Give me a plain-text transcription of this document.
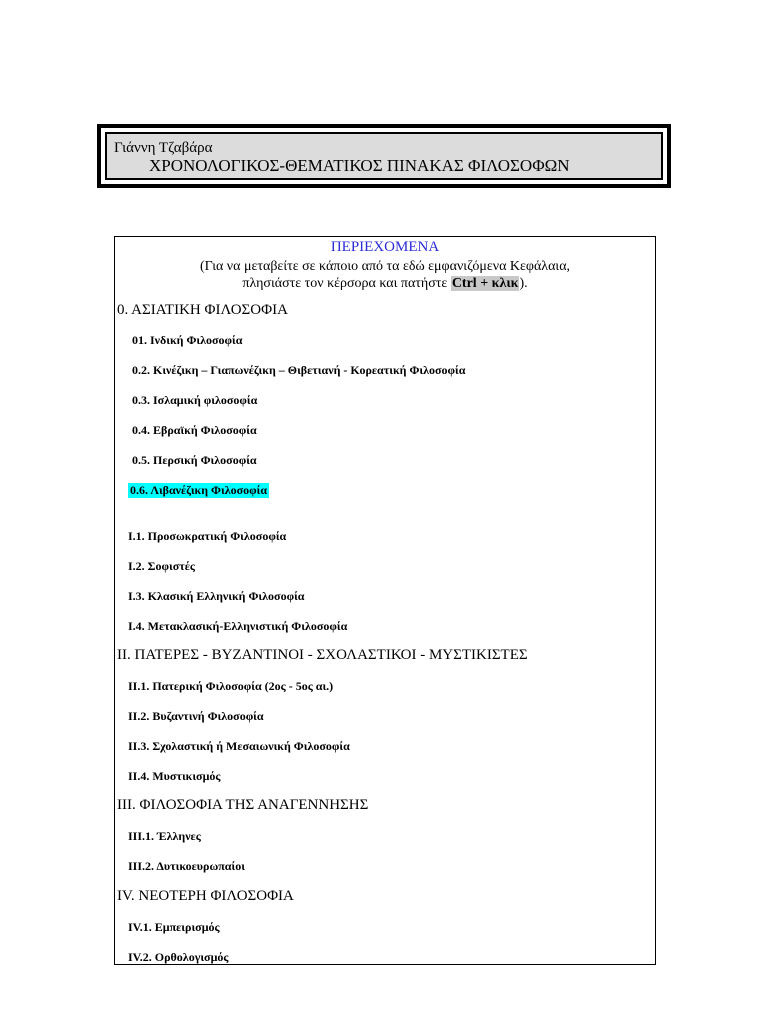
Γιάννη Τζαβάρα
ΧΡΟΝΟΛΟΓΙΚΟΣ-ΘΕΜΑΤΙΚΟΣ ΠΙΝΑΚΑΣ ΦΙΛΟΣΟΦΩΝ
ΠΕΡΙΕΧΟΜΕΝΑ
(Για να μεταβείτε σε κάποιο από τα εδώ εμφανιζόμενα Κεφάλαια,
πλησιάστε τον κέρσορα και πατήστε Ctrl + κλικ).
0. ΑΣΙΑΤΙΚΗ ΦΙΛΟΣΟΦΙΑ
01. Ινδική Φιλοσοφία
0.2. Κινέζικη – Γιαπωνέζικη – Θιβετιανή - Κορεατική Φιλοσοφία
0.3. Ισλαμική φιλοσοφία
0.4. Εβραϊκή Φιλοσοφία
0.5. Περσική Φιλοσοφία
0.6. Λιβανέζικη Φιλοσοφία
Ι.1. Προσωκρατική Φιλοσοφία
Ι.2. Σοφιστές
Ι.3. Κλασική Ελληνική Φιλοσοφία
Ι.4. Μετακλασική-Ελληνιστική Φιλοσοφία
ΙΙ. ΠΑΤΕΡΕΣ - ΒΥΖΑΝΤΙΝΟΙ - ΣΧΟΛΑΣΤΙΚΟΙ - ΜΥΣΤΙΚΙΣΤΕΣ
ΙΙ.1. Πατερική Φιλοσοφία (2ος - 5ος αι.)
ΙΙ.2. Βυζαντινή Φιλοσοφία
ΙΙ.3. Σχολαστική ή Μεσαιωνική Φιλοσοφία
ΙΙ.4. Μυστικισμός
ΙΙΙ. ΦΙΛΟΣΟΦΙΑ ΤΗΣ ΑΝΑΓΕΝΝΗΣΗΣ
ΙΙΙ.1. Έλληνες
ΙΙΙ.2. Δυτικοευρωπαίοι
ΙV. ΝΕΟΤΕΡΗ ΦΙΛΟΣΟΦΙΑ
ΙV.1. Εμπειρισμός
ΙV.2. Ορθολογισμός
